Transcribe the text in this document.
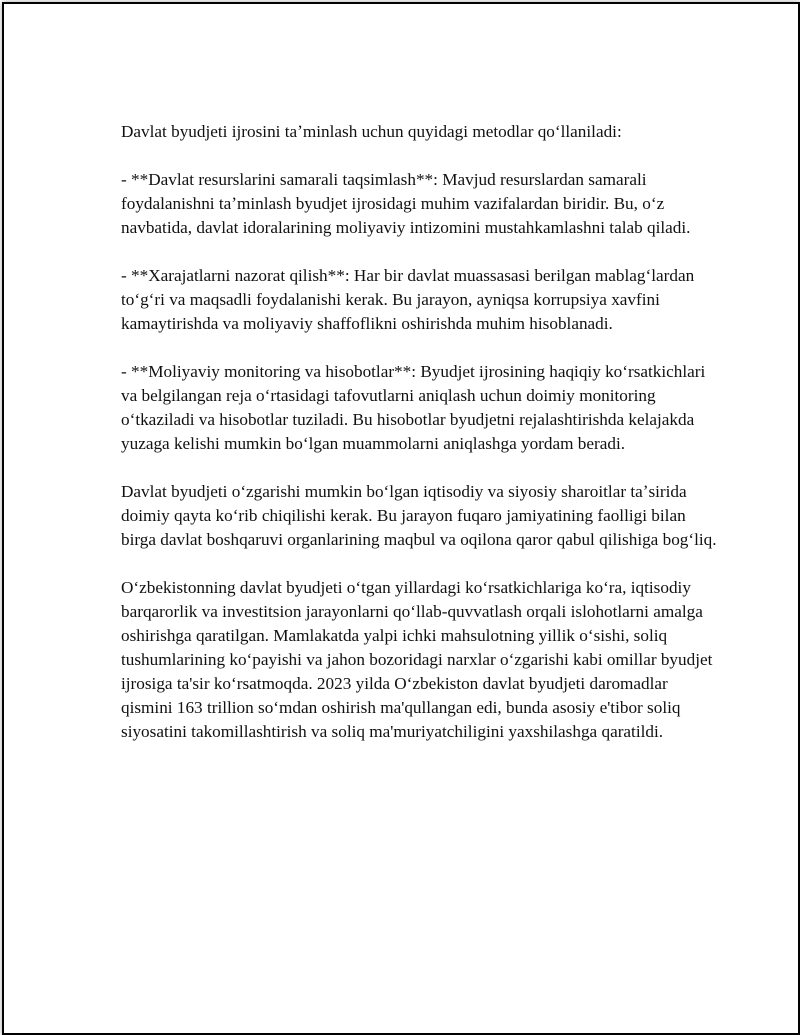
Davlat byudjeti ijrosini taʼminlash uchun quyidagi metodlar qoʻllaniladi:

- **Davlat resurslarini samarali taqsimlash**: Mavjud resurslardan samarali foydalanishni taʼminlash byudjet ijrosidagi muhim vazifalardan biridir. Bu, oʻz navbatida, davlat idoralarining moliyaviy intizomini mustahkamlashni talab qiladi.

- **Xarajatlarni nazorat qilish**: Har bir davlat muassasasi berilgan mablagʻlardan toʻgʻri va maqsadli foydalanishi kerak. Bu jarayon, ayniqsa korrupsiya xavfini kamaytirishda va moliyaviy shaffoflikni oshirishda muhim hisoblanadi.

- **Moliyaviy monitoring va hisobotlar**: Byudjet ijrosining haqiqiy koʻrsatkichlari va belgilangan reja oʻrtasidagi tafovutlarni aniqlash uchun doimiy monitoring oʻtkaziladi va hisobotlar tuziladi. Bu hisobotlar byudjetni rejalashtirishda kelajakda yuzaga kelishi mumkin boʻlgan muammolarni aniqlashga yordam beradi.

Davlat byudjeti oʻzgarishi mumkin boʻlgan iqtisodiy va siyosiy sharoitlar taʼsirida doimiy qayta koʻrib chiqilishi kerak. Bu jarayon fuqaro jamiyatining faolligi bilan birga davlat boshqaruvi organlarining maqbul va oqilona qaror qabul qilishiga bogʻliq.

Oʻzbekistonning davlat byudjeti oʻtgan yillardagi koʻrsatkichlariga koʻra, iqtisodiy barqarorlik va investitsion jarayonlarni qoʻllab-quvvatlash orqali islohotlarni amalga oshirishga qaratilgan. Mamlakatda yalpi ichki mahsulotning yillik oʻsishi, soliq tushumlarining koʻpayishi va jahon bozoridagi narxlar oʻzgarishi kabi omillar byudjet ijrosiga ta'sir koʻrsatmoqda. 2023 yilda Oʻzbekiston davlat byudjeti daromadlar qismini 163 trillion soʻmdan oshirish ma'qullangan edi, bunda asosiy e'tibor soliq siyosatini takomillashtirish va soliq ma'muriyatchiligini yaxshilashga qaratildi.
